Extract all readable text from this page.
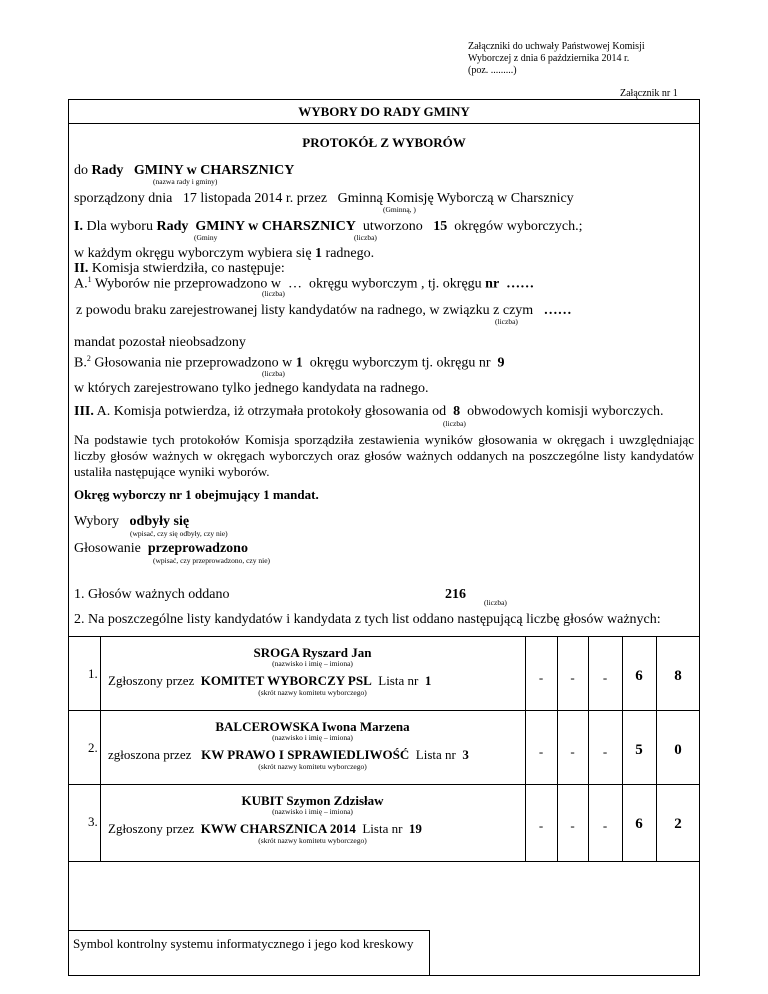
Załączniki do uchwały Państwowej Komisji
Wyborczej z dnia 6 października 2014 r.
(poz. .........)
Załącznik nr 1
WYBORY DO RADY GMINY
PROTOKÓŁ Z WYBORÓW
do Rady GMINY w CHARSZNICY
(nazwa rady i gminy)
sporządzony dnia 17 listopada 2014 r. przez Gminną Komisję Wyborczą w Charsznicy
(Gminną, )
I. Dla wyboru Rady GMINY w CHARSZNICY utworzono 15 okręgów wyborczych.;
(Gminy	(liczba)
w każdym okręgu wyborczym wybiera się 1 radnego.
II. Komisja stwierdziła, co następuje:
A.$^1$ Wyborów nie przeprowadzono w … okręgu wyborczym , tj. okręgu nr ……
(liczba)
z powodu braku zarejestrowanej listy kandydatów na radnego, w związku z czym ……
(liczba)
mandat pozostał nieobsadzony
B.$^2$ Głosowania nie przeprowadzono w 1 okręgu wyborczym tj. okręgu nr 9
(liczba)
w których zarejestrowano tylko jednego kandydata na radnego.
III. A. Komisja potwierdza, iż otrzymała protokoły głosowania od 8 obwodowych komisji wyborczych.
(liczba)
Na podstawie tych protokołów Komisja sporządziła zestawienia wyników głosowania w okręgach i uwzględniając liczby głosów ważnych w okręgach wyborczych oraz głosów ważnych oddanych na poszczególne listy kandydatów ustaliła następujące wyniki wyborów.
Okręg wyborczy nr 1 obejmujący 1 mandat.
Wybory odbyły się
(wpisać, czy się odbyły, czy nie)
Głosowanie przeprowadzono
(wpisać, czy przeprowadzono, czy nie)
1. Głosów ważnych oddano	216
(liczba)
2. Na poszczególne listy kandydatów i kandydata z tych list oddano następującą liczbę głosów ważnych:
1.
SROGA Ryszard Jan
(nazwisko i imię – imiona)
Zgłoszony przez KOMITET WYBORCZY PSL Lista nr 1
(skrót nazwy komitetu wyborczego)
-	-	-	6	8
2.
BALCEROWSKA Iwona Marzena
(nazwisko i imię – imiona)
zgłoszona przez KW PRAWO I SPRAWIEDLIWOŚĆ Lista nr 3
(skrót nazwy komitetu wyborczego)
-	-	-	5	0
3.
KUBIT Szymon Zdzisław
(nazwisko i imię – imiona)
Zgłoszony przez KWW CHARSZNICA 2014 Lista nr 19
(skrót nazwy komitetu wyborczego)
-	-	-	6	2
Symbol kontrolny systemu informatycznego i jego kod kreskowy
